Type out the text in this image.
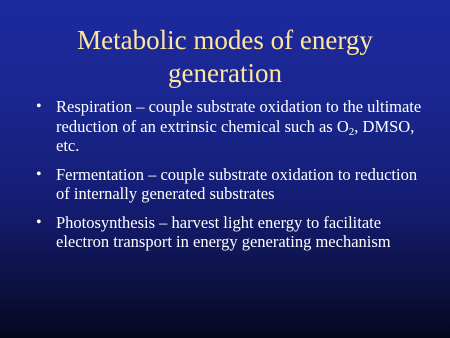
Metabolic modes of energy generation
• Respiration – couple substrate oxidation to the ultimate reduction of an extrinsic chemical such as $O_2$, DMSO, etc.
• Fermentation – couple substrate oxidation to reduction of internally generated substrates
• Photosynthesis – harvest light energy to facilitate electron transport in energy generating mechanism
